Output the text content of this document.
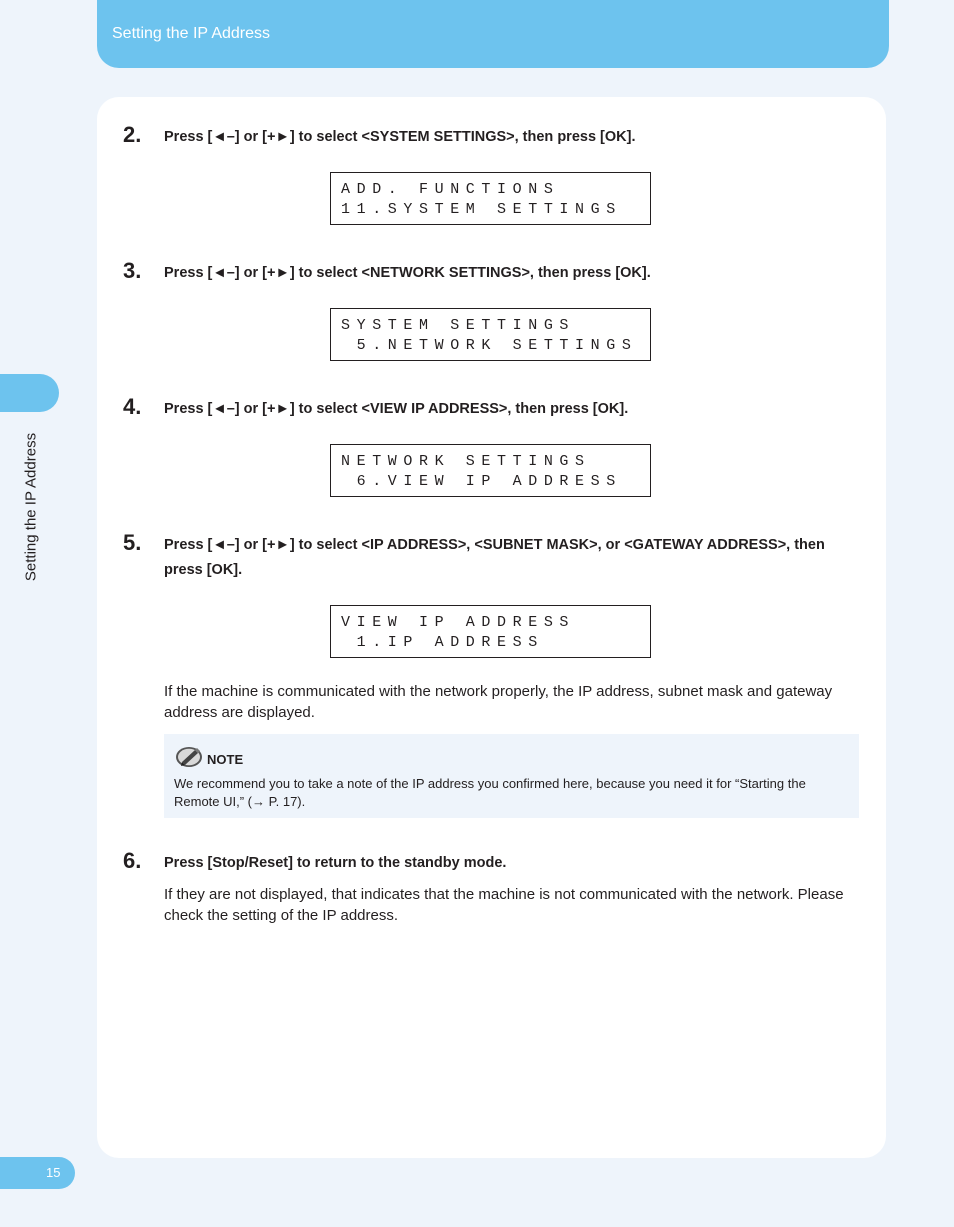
Setting the IP Address
Setting the IP Address
15
2. Press [◄–] or [+►] to select <SYSTEM SETTINGS>, then press [OK].
ADD. FUNCTIONS
11.SYSTEM SETTINGS
3. Press [◄–] or [+►] to select <NETWORK SETTINGS>, then press [OK].
SYSTEM SETTINGS
5.NETWORK SETTINGS
4. Press [◄–] or [+►] to select <VIEW IP ADDRESS>, then press [OK].
NETWORK SETTINGS
6.VIEW IP ADDRESS
5. Press [◄–] or [+►] to select <IP ADDRESS>, <SUBNET MASK>, or <GATEWAY ADDRESS>, then press [OK].
VIEW IP ADDRESS
1.IP ADDRESS
If the machine is communicated with the network properly, the IP address, subnet mask and gateway address are displayed.
NOTE
We recommend you to take a note of the IP address you confirmed here, because you need it for “Starting the Remote UI,” (→ P. 17).
6. Press [Stop/Reset] to return to the standby mode.
If they are not displayed, that indicates that the machine is not communicated with the network. Please check the setting of the IP address.
